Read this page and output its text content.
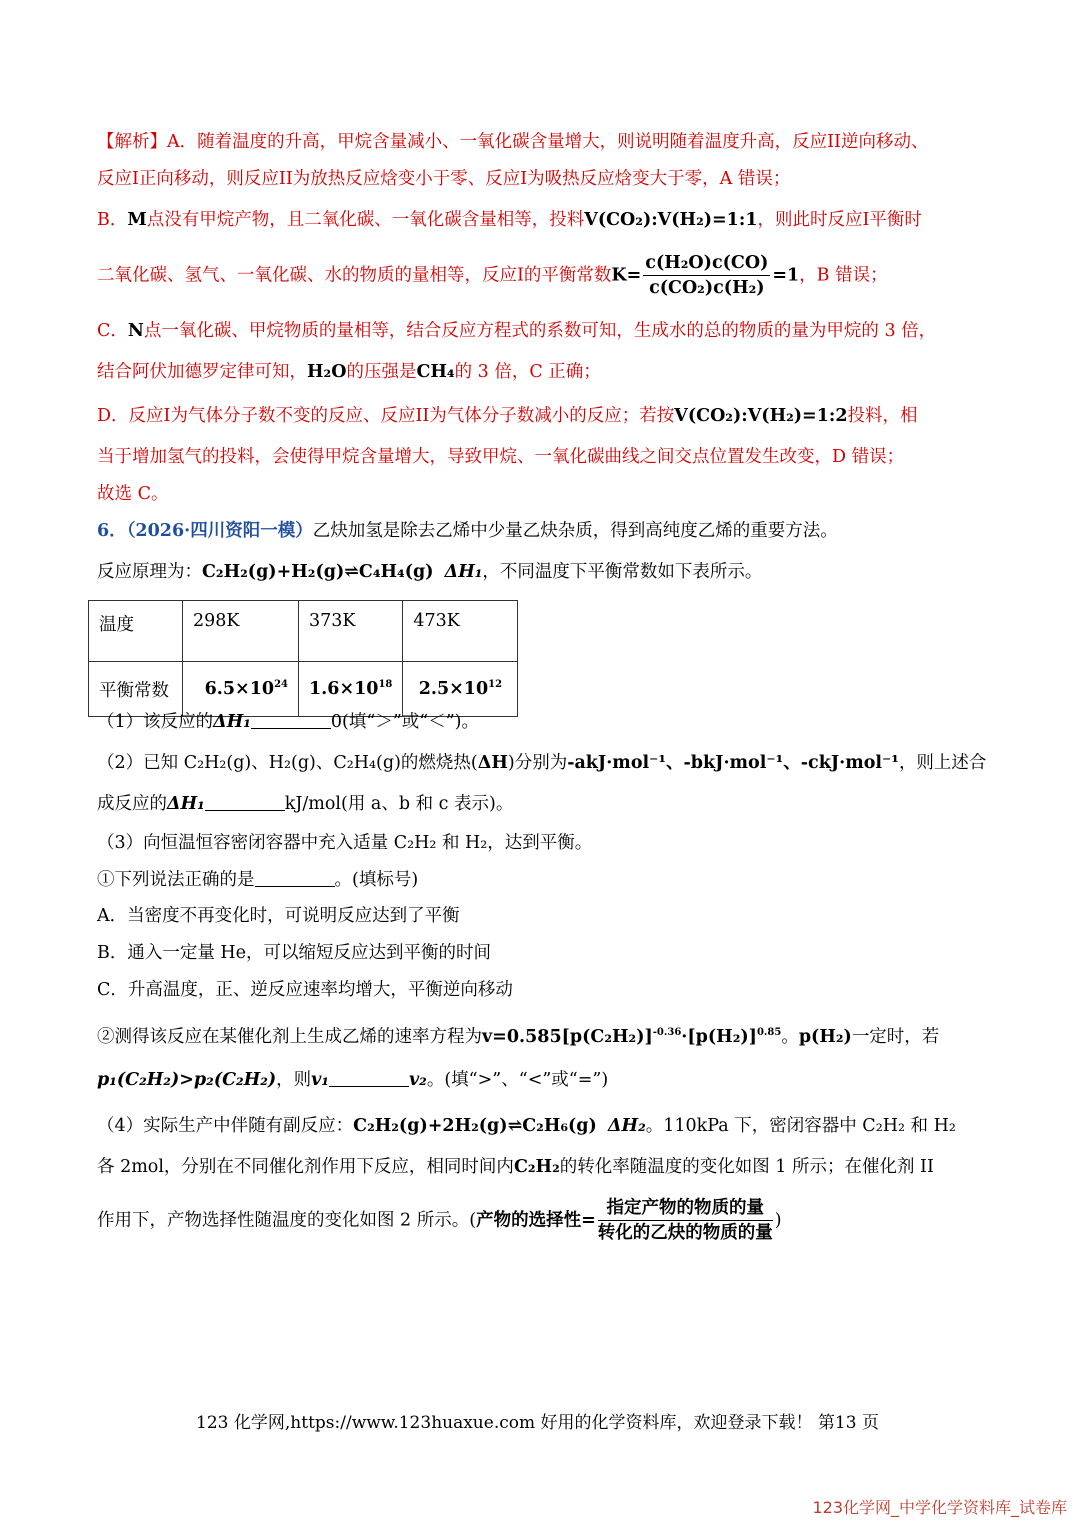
【解析】A．随着温度的升高，甲烷含量减小、一氧化碳含量增大，则说明随着温度升高，反应II逆向移动、
反应I正向移动，则反应II为放热反应焓变小于零、反应I为吸热反应焓变大于零，A 错误；
B．M点没有甲烷产物，且二氧化碳、一氧化碳含量相等，投料V(CO₂):V(H₂)=1:1，则此时反应I平衡时
二氧化碳、氢气、一氧化碳、水的物质的量相等，反应I的平衡常数$K= \frac{\text{c(H₂O)c(CO)}}{\text{c(CO₂)c(H₂)}} =1$，B 错误；
C．N点一氧化碳、甲烷物质的量相等，结合反应方程式的系数可知，生成水的总的物质的量为甲烷的 3 倍，
结合阿伏加德罗定律可知，H₂O的压强是CH₄的 3 倍，C 正确；
D．反应I为气体分子数不变的反应、反应II为气体分子数减小的反应；若按V(CO₂):V(H₂)=1:2投料，相
当于增加氢气的投料，会使得甲烷含量增大，导致甲烷、一氧化碳曲线之间交点位置发生改变，D 错误；
故选 C。
6．（2026·四川资阳一模）乙炔加氢是除去乙烯中少量乙炔杂质，得到高纯度乙烯的重要方法。
反应原理为：C₂H₂(g)+H₂(g)⇌C₄H₄(g) ΔH₁，不同温度下平衡常数如下表所示。
温度	298K	373K	473K
平衡常数	$6.5\times 10^{24}$	$1.6\times 10^{18}$	$2.5\times 10^{12}$
（1）该反应的ΔH₁	0(填“＞”或“＜”)。
（2）已知 C₂H₂(g)、H₂(g)、C₂H₄(g)的燃烧热(ΔH)分别为-akJ·mol⁻¹、-bkJ·mol⁻¹、-ckJ·mol⁻¹，则上述合
成反应的ΔH₁	kJ/mol(用 a、b 和 c 表示)。
（3）向恒温恒容密闭容器中充入适量 C₂H₂ 和 H₂，达到平衡。
①下列说法正确的是	。(填标号)
A．当密度不再变化时，可说明反应达到了平衡
B．通入一定量 He，可以缩短反应达到平衡的时间
C．升高温度，正、逆反应速率均增大，平衡逆向移动
②测得该反应在某催化剂上生成乙烯的速率方程为$v=0.585[p(C_2H_2)]^{-0.36}\cdot[p(H_2)]^{0.85}$。p(H₂)一定时，若
p₁(C₂H₂)>p₂(C₂H₂)，则v₁	v₂。(填“>”、“<”或“=”)
（4）实际生产中伴随有副反应：C₂H₂(g)+2H₂(g)⇌C₂H₆(g) ΔH₂。110kPa 下，密闭容器中 C₂H₂ 和 H₂
各 2mol，分别在不同催化剂作用下反应，相同时间内C₂H₂的转化率随温度的变化如图 1 所示；在催化剂 II
作用下，产物选择性随温度的变化如图 2 所示。(产物的选择性= $\frac{\text{指定产物的物质的量}}{\text{转化的乙炔的物质的量}}$ )
123 化学网,https://www.123huaxue.com 好用的化学资料库，欢迎登录下载！ 第13 页
123化学网_中学化学资料库_试卷库
